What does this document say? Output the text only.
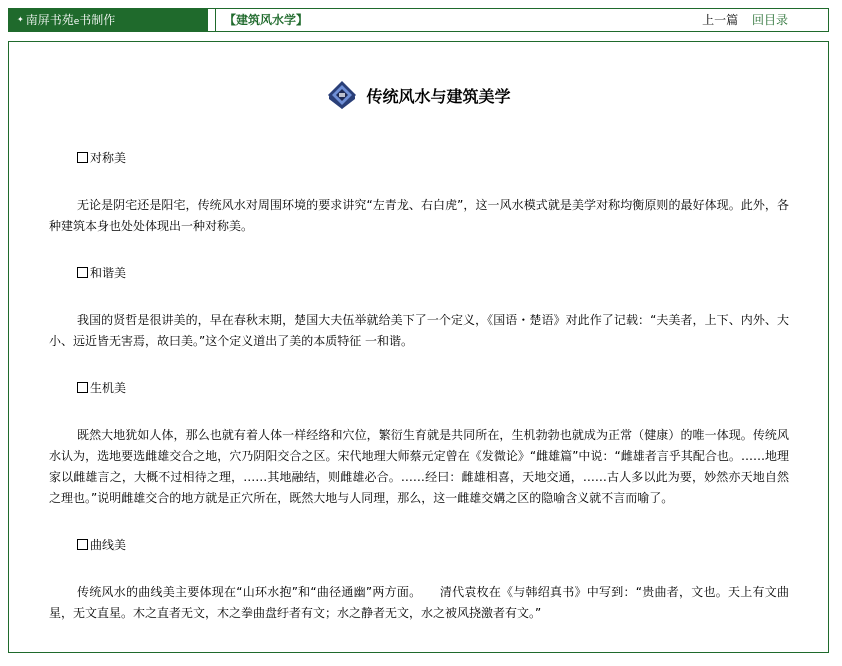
✦ 南屏书苑e书制作	【建筑风水学】	上一篇 回目录
传统风水与建筑美学
对称美
无论是阴宅还是阳宅，传统风水对周围环境的要求讲究“左青龙、右白虎”，这一风水模式就是美学对称均衡原则的最好体现。此外，各种建筑本身也处处体现出一种对称美。
和谐美
我国的贤哲是很讲美的，早在春秋末期，楚国大夫伍举就给美下了一个定义，《国语・楚语》对此作了记载：“夫美者，上下、内外、大小、远近皆无害焉，故曰美。”这个定义道出了美的本质特征 一和谐。
生机美
既然大地犹如人体，那么也就有着人体一样经络和穴位，繁衍生育就是共同所在，生机勃勃也就成为正常（健康）的唯一体现。传统风水认为，选地要选雌雄交合之地，穴乃阴阳交合之区。宋代地理大师蔡元定曾在《发微论》“雌雄篇”中说：“雌雄者言乎其配合也。……地理家以雌雄言之，大概不过相待之理，……其地融结，则雌雄必合。……经曰：雌雄相喜，天地交通，……古人多以此为要，妙然亦天地自然之理也。”说明雌雄交合的地方就是正穴所在，既然大地与人同理，那么，这一雌雄交媾之区的隐喻含义就不言而喻了。
曲线美
传统风水的曲线美主要体现在“山环水抱”和“曲径通幽”两方面。　　清代袁枚在《与韩绍真书》中写到：“贵曲者，文也。天上有文曲星，无文直星。木之直者无文，木之拳曲盘纡者有文；水之静者无文，水之被风挠激者有文。”
